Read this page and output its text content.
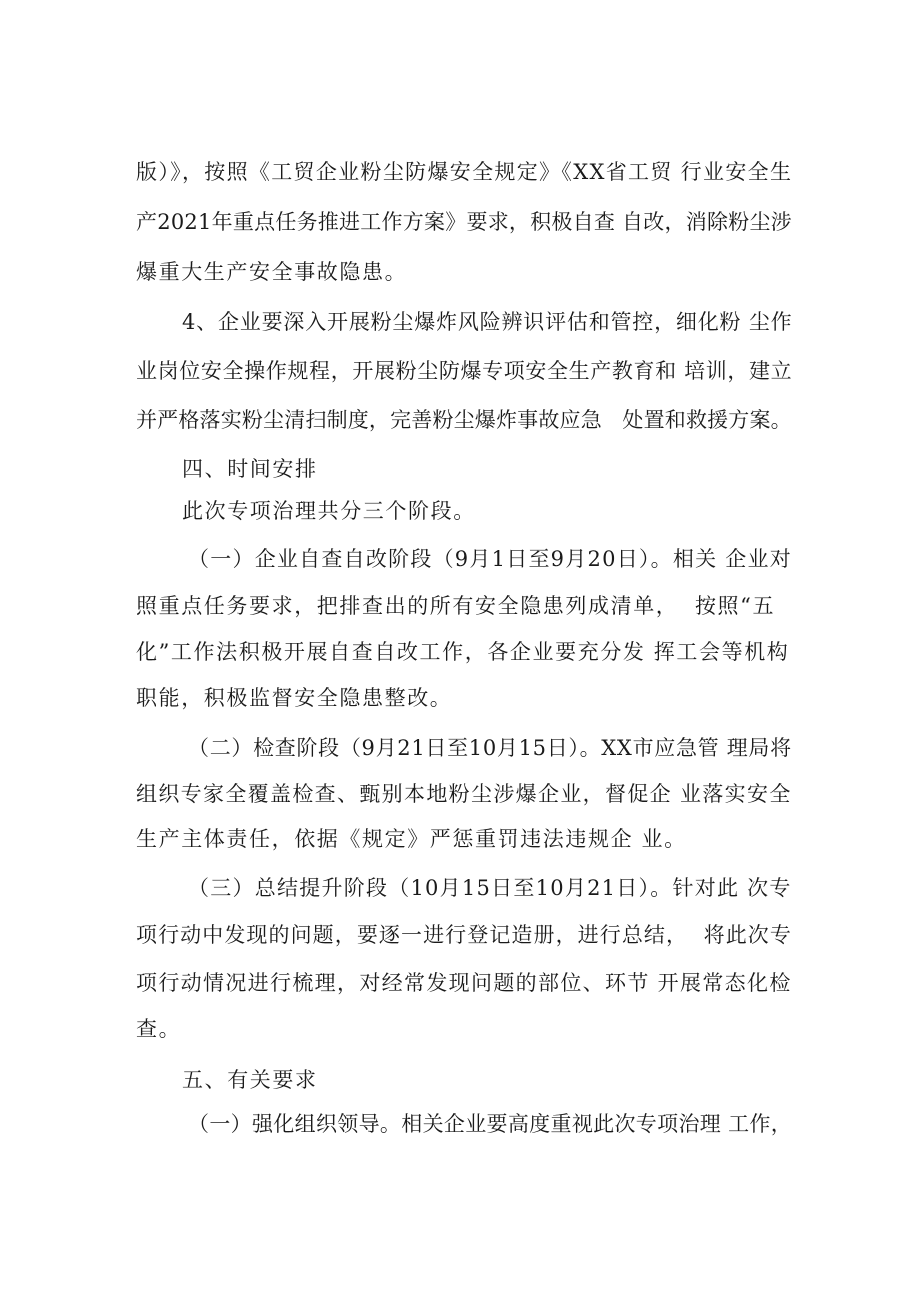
版）》，按照《工贸企业粉尘防爆安全规定》《XX省工贸 行业安全生
产2021年重点任务推进工作方案》要求，积极自查 自改，消除粉尘涉
爆重大生产安全事故隐患。
4、企业要深入开展粉尘爆炸风险辨识评估和管控，细化粉 尘作
业岗位安全操作规程，开展粉尘防爆专项安全生产教育和 培训，建立
并严格落实粉尘清扫制度，完善粉尘爆炸事故应急   处置和救援方案。
四、时间安排
此次专项治理共分三个阶段。
（一）企业自查自改阶段（9月1日至9月20日）。相关 企业对
照重点任务要求，把排查出的所有安全隐患列成清单，  按照“五
化”工作法积极开展自查自改工作，各企业要充分发 挥工会等机构
职能，积极监督安全隐患整改。
（二）检查阶段（9月21日至10月15日）。XX市应急管 理局将
组织专家全覆盖检查、甄别本地粉尘涉爆企业，督促企 业落实安全
生产主体责任，依据《规定》严惩重罚违法违规企 业。
（三）总结提升阶段（10月15日至10月21日）。针对此 次专
项行动中发现的问题，要逐一进行登记造册，进行总结，  将此次专
项行动情况进行梳理，对经常发现问题的部位、环节 开展常态化检
查。
五、有关要求
（一）强化组织领导。相关企业要高度重视此次专项治理 工作，
